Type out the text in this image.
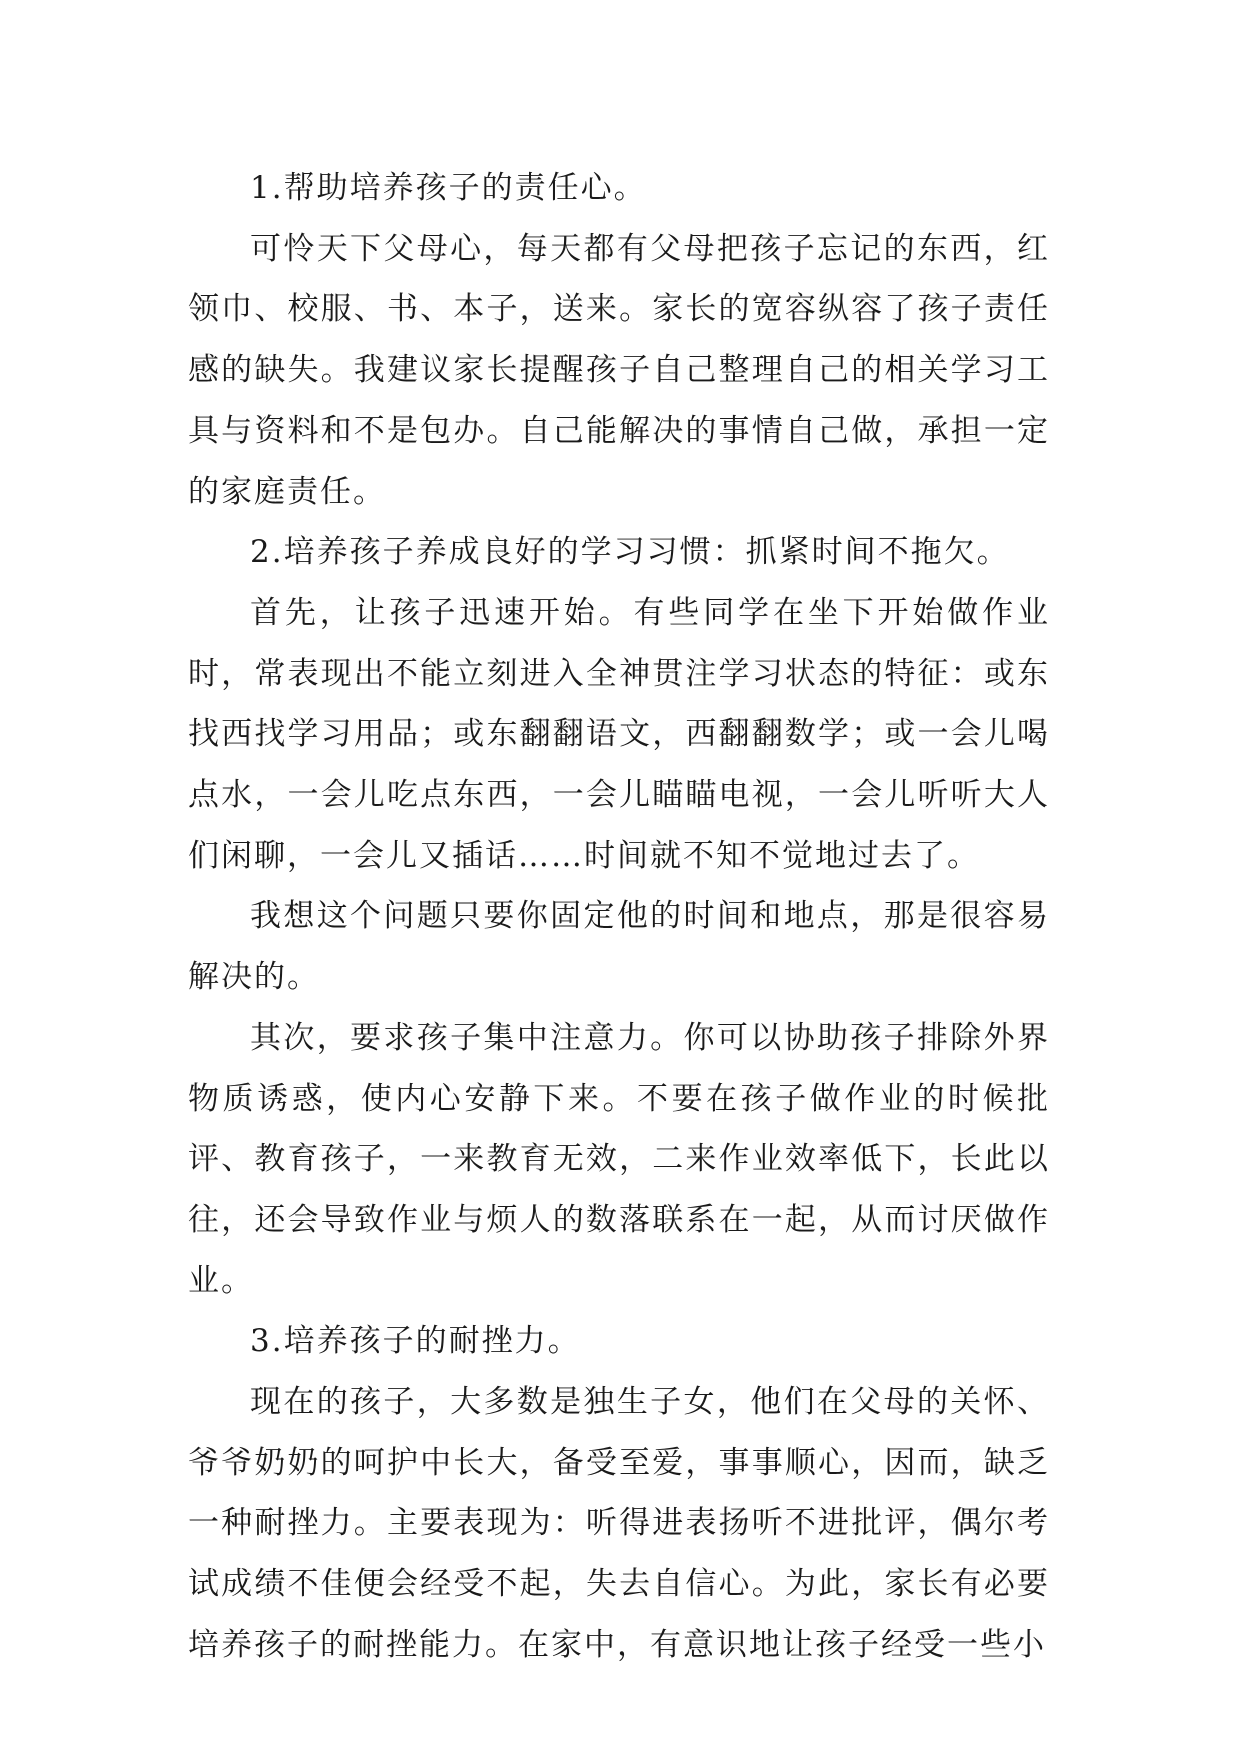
1.帮助培养孩子的责任心。

可怜天下父母心，每天都有父母把孩子忘记的东西，红领巾、校服、书、本子，送来。家长的宽容纵容了孩子责任感的缺失。我建议家长提醒孩子自己整理自己的相关学习工具与资料和不是包办。自己能解决的事情自己做，承担一定的家庭责任。

2.培养孩子养成良好的学习习惯：抓紧时间不拖欠。

首先，让孩子迅速开始。有些同学在坐下开始做作业时，常表现出不能立刻进入全神贯注学习状态的特征：或东找西找学习用品；或东翻翻语文，西翻翻数学；或一会儿喝点水，一会儿吃点东西，一会儿瞄瞄电视，一会儿听听大人们闲聊，一会儿又插话……时间就不知不觉地过去了。

我想这个问题只要你固定他的时间和地点，那是很容易解决的。

其次，要求孩子集中注意力。你可以协助孩子排除外界物质诱惑，使内心安静下来。不要在孩子做作业的时候批评、教育孩子，一来教育无效，二来作业效率低下，长此以往，还会导致作业与烦人的数落联系在一起，从而讨厌做作业。

3.培养孩子的耐挫力。

现在的孩子，大多数是独生子女，他们在父母的关怀、爷爷奶奶的呵护中长大，备受至爱，事事顺心，因而，缺乏一种耐挫力。主要表现为：听得进表扬听不进批评，偶尔考试成绩不佳便会经受不起，失去自信心。为此，家长有必要培养孩子的耐挫能力。在家中，有意识地让孩子经受一些小
